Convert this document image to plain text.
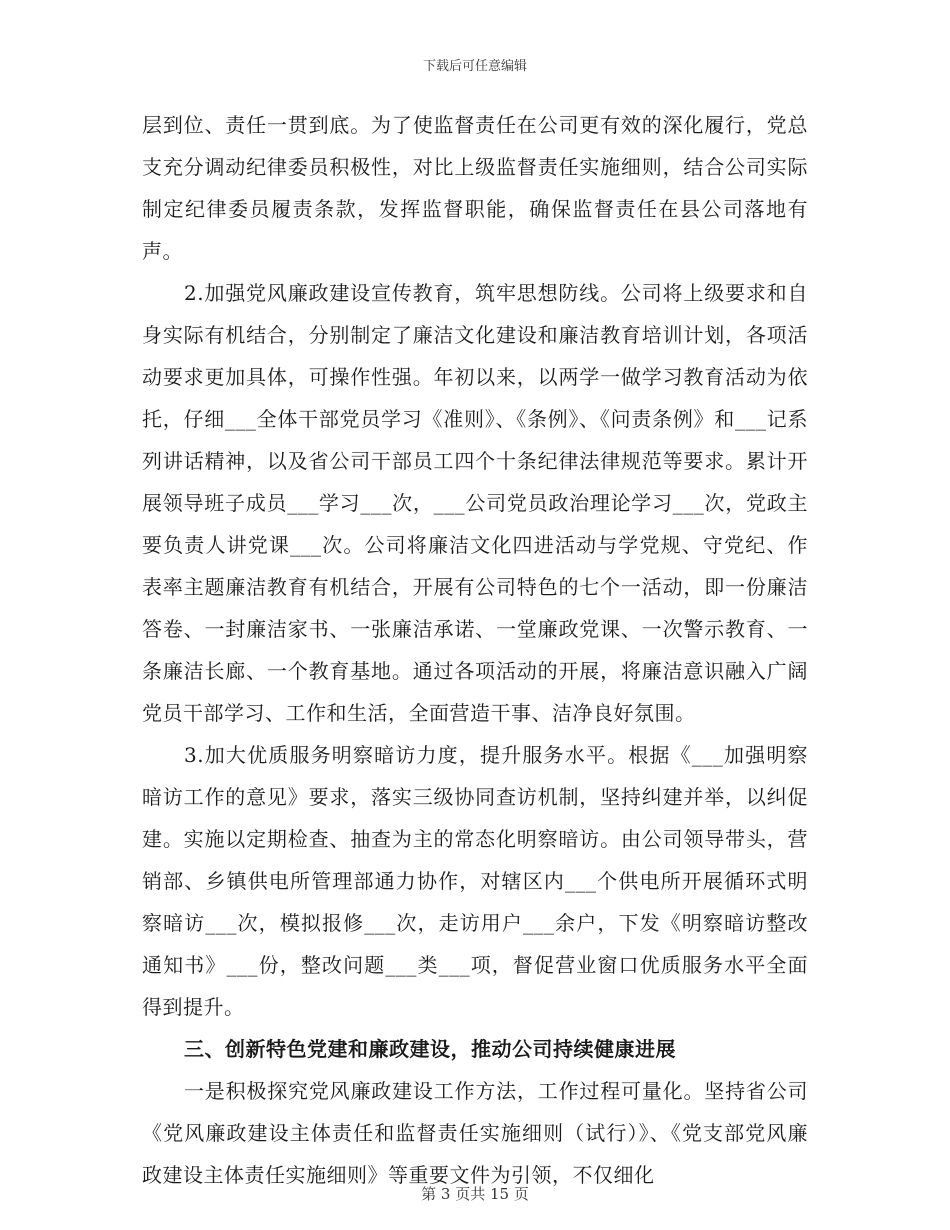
下载后可任意编辑

层到位、责任一贯到底。为了使监督责任在公司更有效的深化履行，党总支充分调动纪律委员积极性，对比上级监督责任实施细则，结合公司实际制定纪律委员履责条款，发挥监督职能，确保监督责任在县公司落地有声。

2.加强党风廉政建设宣传教育，筑牢思想防线。公司将上级要求和自身实际有机结合，分别制定了廉洁文化建设和廉洁教育培训计划，各项活动要求更加具体，可操作性强。年初以来，以两学一做学习教育活动为依托，仔细___全体干部党员学习《准则》、《条例》、《问责条例》和___记系列讲话精神，以及省公司干部员工四个十条纪律法律规范等要求。累计开展领导班子成员___学习___次，___公司党员政治理论学习___次，党政主要负责人讲党课___次。公司将廉洁文化四进活动与学党规、守党纪、作表率主题廉洁教育有机结合，开展有公司特色的七个一活动，即一份廉洁答卷、一封廉洁家书、一张廉洁承诺、一堂廉政党课、一次警示教育、一条廉洁长廊、一个教育基地。通过各项活动的开展，将廉洁意识融入广阔党员干部学习、工作和生活，全面营造干事、洁净良好氛围。

3.加大优质服务明察暗访力度，提升服务水平。根据《___加强明察暗访工作的意见》要求，落实三级协同查访机制，坚持纠建并举，以纠促建。实施以定期检查、抽查为主的常态化明察暗访。由公司领导带头，营销部、乡镇供电所管理部通力协作，对辖区内___个供电所开展循环式明察暗访___次，模拟报修___次，走访用户___余户，下发《明察暗访整改通知书》___份，整改问题___类___项，督促营业窗口优质服务水平全面得到提升。

三、创新特色党建和廉政建设，推动公司持续健康进展

一是积极探究党风廉政建设工作方法，工作过程可量化。坚持省公司《党风廉政建设主体责任和监督责任实施细则（试行）》、《党支部党风廉政建设主体责任实施细则》等重要文件为引领，不仅细化

第 3 页共 15 页
